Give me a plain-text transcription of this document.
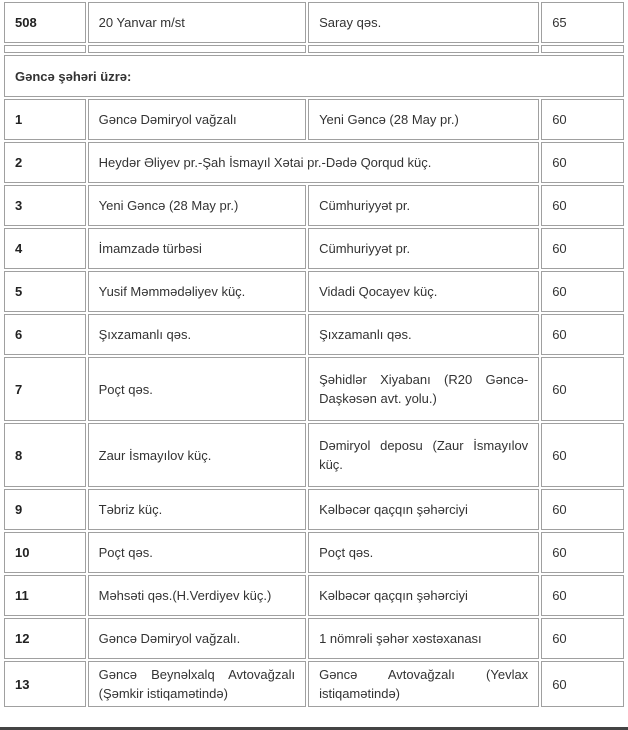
508	20 Yanvar m/st	Saray qəs.	65

Gəncə şəhəri üzrə:			
1	Gəncə Dəmiryol vağzalı	Yeni Gəncə (28 May pr.)	60
2	Heydər Əliyev pr.-Şah İsmayıl Xətai pr.-Dədə Qorqud küç.		60
3	Yeni Gəncə (28 May pr.)	Cümhuriyyət pr.	60
4	İmamzadə türbəsi	Cümhuriyyət pr.	60
5	Yusif Məmmədəliyev küç.	Vidadi Qocayev küç.	60
6	Şıxzamanlı qəs.	Şıxzamanlı qəs.	60
7	Poçt qəs.	Şəhidlər Xiyabanı (R20 Gəncə-Daşkəsən avt. yolu.)	60
8	Zaur İsmayılov küç.	Dəmiryol deposu (Zaur İsmayılov küç.	60
9	Təbriz küç.	Kəlbəcər qaçqın şəhərciyi	60
10	Poçt qəs.	Poçt qəs.	60
11	Məhsəti qəs.(H.Verdiyev küç.)	Kəlbəcər qaçqın şəhərciyi	60
12	Gəncə Dəmiryol vağzalı.	1 nömrəli şəhər xəstəxanası	60
13	Gəncə Beynəlxalq Avtovağzalı (Şəmkir istiqamətində)	Gəncə Avtovağzalı (Yevlax istiqamətində)	60
